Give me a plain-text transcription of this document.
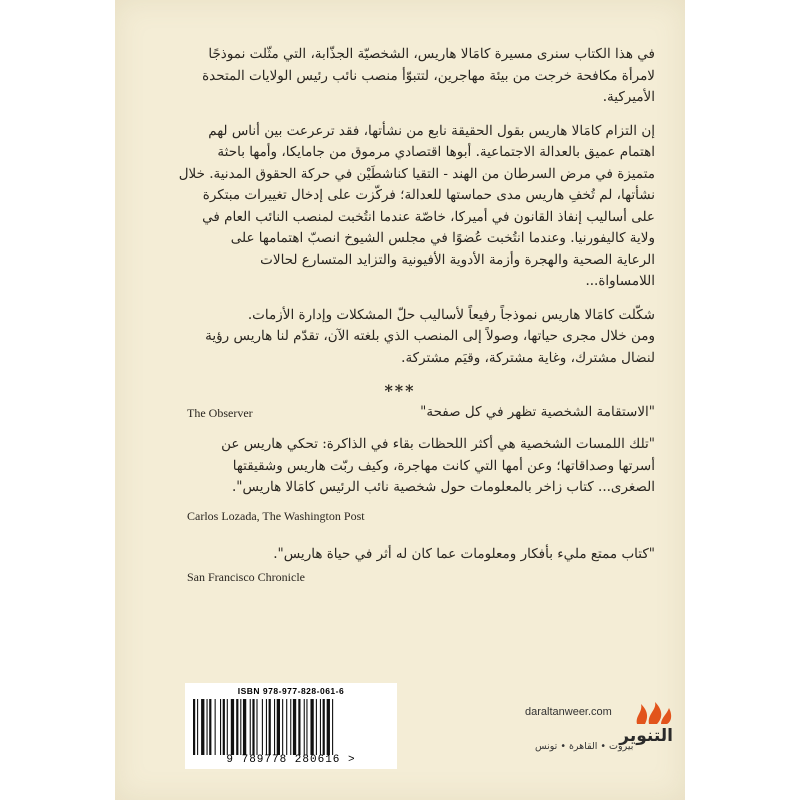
في هذا الكتاب سنرى مسيرة كامَالا هاريس، الشخصيّة الجذّابة، التي مثّلت نموذجًا
لامرأة مكافحة خرجت من بيئة مهاجرين، لتتبوّأ منصب نائب رئيس الولايات المتحدة
الأميركية.

إن التزام كامَالا هاريس بقول الحقيقة نابع من نشأتها، فقد ترعرعت بين أناس لهم
اهتمام عميق بالعدالة الاجتماعية. أبوها اقتصادي مرموق من جامايكا، وأمها باحثة
متميزة في مرض السرطان من الهند - التقيا كناشطَيْن في حركة الحقوق المدنية. خلال
نشأتها، لم تُخفِ هاريس مدى حماستها للعدالة؛ فركّزت على إدخال تغييرات مبتكرة
على أساليب إنفاذ القانون في أميركا، خاصّة عندما انتُخبت لمنصب النائب العام في
ولاية كاليفورنيا. وعندما انتُخبت عُضوًا في مجلس الشيوخ انصبّ اهتمامها على
الرعاية الصحية والهجرة وأزمة الأدوية الأفيونية والتزايد المتسارع لحالات
اللامساواة...

شكّلت كامَالا هاريس نموذجاً رفيعاً لأساليب حلّ المشكلات وإدارة الأزمات.
ومن خلال مجرى حياتها، وصولاً إلى المنصب الذي بلغته الآن، تقدّم لنا هاريس رؤية
لنضال مشترك، وغاية مشتركة، وقيَم مشتركة.

***
"الاستقامة الشخصية تظهر في كل صفحة"
The Observer
"تلك اللمسات الشخصية هي أكثر اللحظات بقاء في الذاكرة: تحكي هاريس عن
أسرتها وصداقاتها؛ وعن أمها التي كانت مهاجرة، وكيف ربّت هاريس وشقيقتها
الصغرى... كتاب زاخر بالمعلومات حول شخصية نائب الرئيس كامَالا هاريس".
Carlos Lozada, The Washington Post
"كتاب ممتع مليء بأفكار ومعلومات عما كان له أثر في حياة هاريس".
San Francisco Chronicle
ISBN 978-977-828-061-6
9 789778 280616 >
daraltanweer.com
بيروت • القاهرة • تونس
التنوير
